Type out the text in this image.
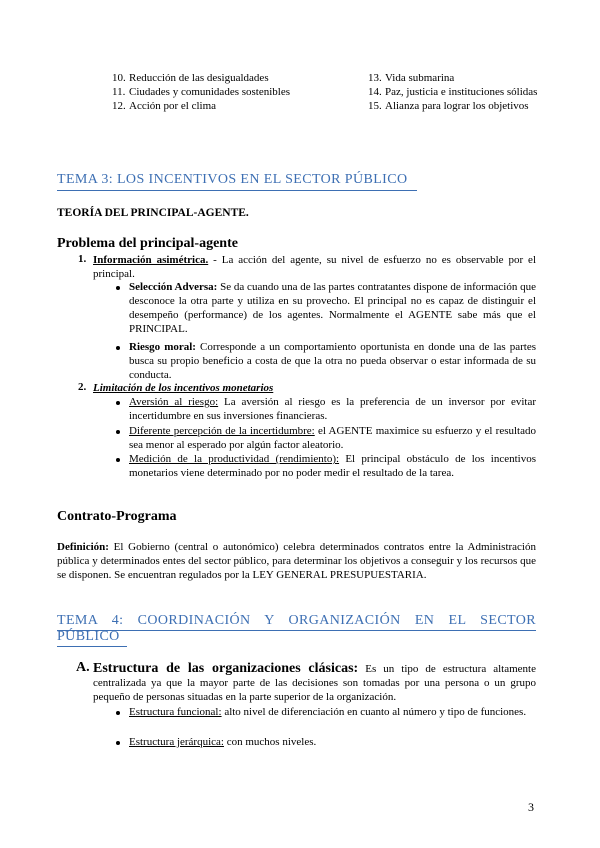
10. Reducción de las desigualdades
11. Ciudades y comunidades sostenibles
12. Acción por el clima
13. Vida submarina
14. Paz, justicia e instituciones sólidas
15. Alianza para lograr los objetivos
TEMA 3: LOS INCENTIVOS EN EL SECTOR PÚBLICO
TEORÍA DEL PRINCIPAL-AGENTE.
Problema del principal-agente
1. Información asimétrica. - La acción del agente, su nivel de esfuerzo no es observable por el principal.
Selección Adversa: Se da cuando una de las partes contratantes dispone de información que desconoce la otra parte y utiliza en su provecho. El principal no es capaz de distinguir el desempeño (performance) de los agentes. Normalmente el AGENTE sabe más que el PRINCIPAL.
Riesgo moral: Corresponde a un comportamiento oportunista en donde una de las partes busca su propio beneficio a costa de que la otra no pueda observar o estar informada de su conducta.
2. Limitación de los incentivos monetarios
Aversión al riesgo: La aversión al riesgo es la preferencia de un inversor por evitar incertidumbre en sus inversiones financieras.
Diferente percepción de la incertidumbre: el AGENTE maximice su esfuerzo y el resultado sea menor al esperado por algún factor aleatorio.
Medición de la productividad (rendimiento): El principal obstáculo de los incentivos monetarios viene determinado por no poder medir el resultado de la tarea.
Contrato-Programa
Definición: El Gobierno (central o autonómico) celebra determinados contratos entre la Administración pública y determinados entes del sector público, para determinar los objetivos a conseguir y los recursos que se disponen. Se encuentran regulados por la LEY GENERAL PRESUPUESTARIA.
TEMA 4: COORDINACIÓN Y ORGANIZACIÓN EN EL SECTOR
PÚBLICO
A. Estructura de las organizaciones clásicas: Es un tipo de estructura altamente centralizada ya que la mayor parte de las decisiones son tomadas por una persona o un grupo pequeño de personas situadas en la parte superior de la organización.
Estructura funcional: alto nivel de diferenciación en cuanto al número y tipo de funciones.
Estructura jerárquica: con muchos niveles.
3
